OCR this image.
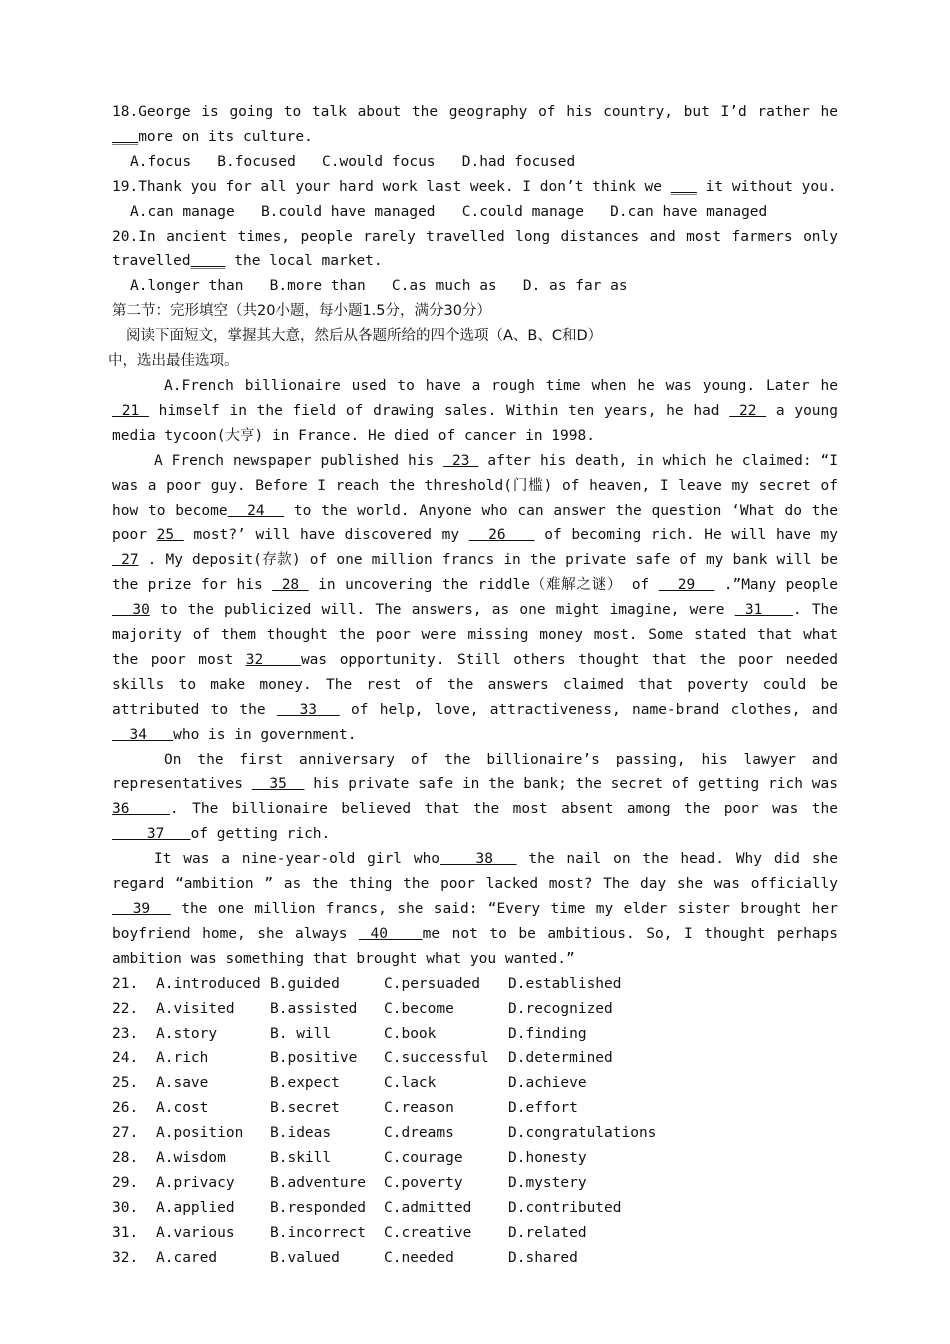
18.George is going to talk about the geography of his country, but I’d rather he ___more on its culture.

A.focus   B.focused   C.would focus   D.had focused

19.Thank you for all your hard work last week. I don’t think we ___ it without you.

A.can manage   B.could have managed   C.could manage   D.can have managed

20.In ancient times, people rarely travelled long distances and most farmers only travelled____ the local market.

A.longer than   B.more than   C.as much as   D. as far as

第二节：完形填空（共20小题，每小题1.5分，满分30分）

阅读下面短文，掌握其大意，然后从各题所给的四个选项（A、B、C和D）

中，选出最佳选项。

A.French billionaire used to have a rough time when he was young. Later he  21  himself in the field of drawing sales. Within ten years, he had  22  a young media tycoon(大亨) in France. He died of cancer in 1998.

A French newspaper published his  23  after his death, in which he claimed: “I was a poor guy. Before I reach the threshold(门槛) of heaven, I leave my secret of how to become  24   to the world. Anyone who can answer the question ‘What do the poor 25  most?’ will have discovered my   26    of becoming rich. He will have my  27 . My deposit(存款) of one million francs in the private safe of my bank will be the prize for his  28  in uncovering the riddle（难解之谜） of   29   .”Many people  30 to the publicized will. The answers, as one might imagine, were  31   . The majority of them thought the poor were missing money most. Some stated that what the poor most 32   was opportunity. Still others thought that the poor needed skills to make money. The rest of the answers claimed that poverty could be attributed to the   33   of help, love, attractiveness, name-brand clothes, and   34   who is in government.

On the first anniversary of the billionaire’s passing, his lawyer and representatives   35   his private safe in the bank; the secret of getting rich was 36   . The billionaire believed that the most absent among the poor was the    37   of getting rich.

It was a nine-year-old girl who   38   the nail on the head. Why did she regard “ambition ” as the thing the poor lacked most? The day she was officially   39   the one million francs, she said: “Every time my elder sister brought her boyfriend home, she always  40   me not to be ambitious. So, I thought perhaps ambition was something that brought what you wanted.”

21.	A.introduced B.guided	C.persuaded	D.established

22.	A.visited	B.assisted	C.become	D.recognized

23.	A.story	B. will	C.book	D.finding

24.	A.rich	B.positive	C.successful	D.determined

25.	A.save	B.expect	C.lack	D.achieve

26.	A.cost	B.secret	C.reason	D.effort

27.	A.position	B.ideas	C.dreams	D.congratulations

28.	A.wisdom	B.skill	C.courage	D.honesty

29.	A.privacy	B.adventure	C.poverty	D.mystery

30.	A.applied	B.responded	C.admitted	D.contributed

31.	A.various	B.incorrect	C.creative	D.related

32.	A.cared	B.valued	C.needed	D.shared
